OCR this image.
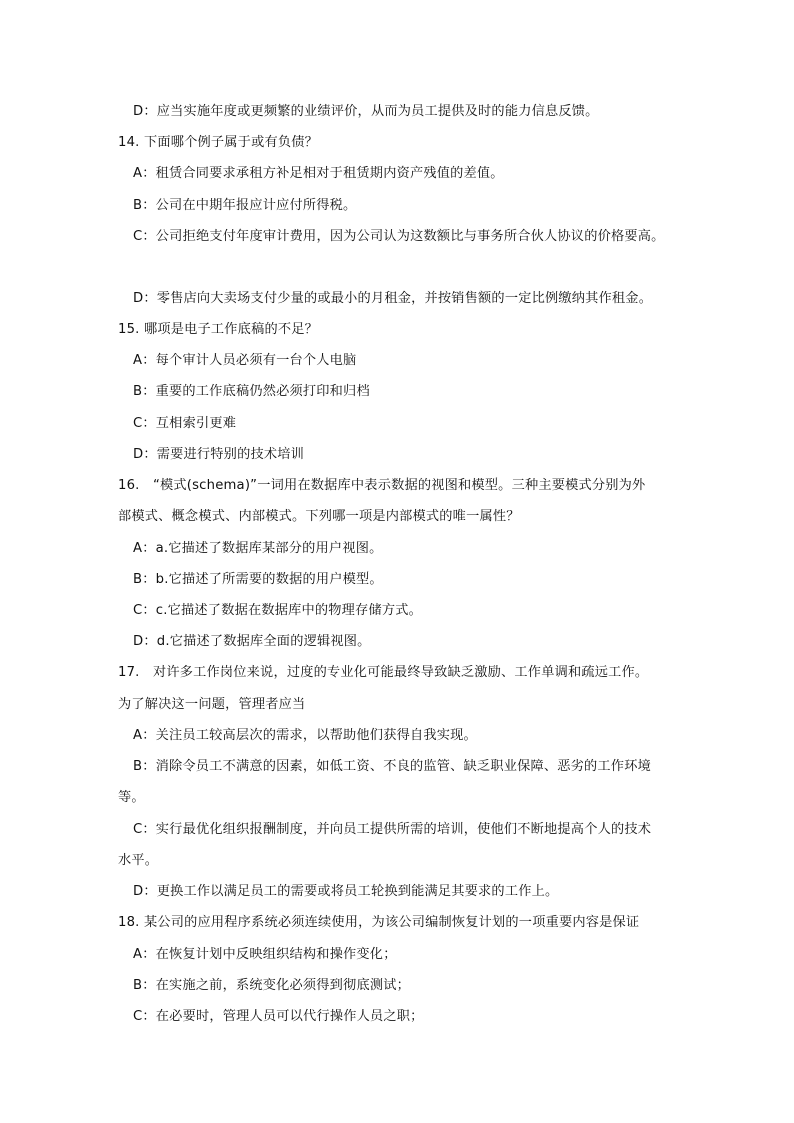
D：应当实施年度或更频繁的业绩评价，从而为员工提供及时的能力信息反馈。
14. 下面哪个例子属于或有负债？
A：租赁合同要求承租方补足相对于租赁期内资产残值的差值。
B：公司在中期年报应计应付所得税。
C：公司拒绝支付年度审计费用，因为公司认为这数额比与事务所合伙人协议的价格要高。
D：零售店向大卖场支付少量的或最小的月租金，并按销售额的一定比例缴纳其作租金。
15. 哪项是电子工作底稿的不足？
A：每个审计人员必须有一台个人电脑
B：重要的工作底稿仍然必须打印和归档
C：互相索引更难
D：需要进行特别的技术培训
16.　“模式(schema)”一词用在数据库中表示数据的视图和模型。三种主要模式分别为外
部模式、概念模式、内部模式。下列哪一项是内部模式的唯一属性？
A：a.它描述了数据库某部分的用户视图。
B：b.它描述了所需要的数据的用户模型。
C：c.它描述了数据在数据库中的物理存储方式。
D：d.它描述了数据库全面的逻辑视图。
17.　对许多工作岗位来说，过度的专业化可能最终导致缺乏激励、工作单调和疏远工作。
为了解决这一问题，管理者应当
A：关注员工较高层次的需求，以帮助他们获得自我实现。
B：消除令员工不满意的因素，如低工资、不良的监管、缺乏职业保障、恶劣的工作环境
等。
C：实行最优化组织报酬制度，并向员工提供所需的培训，使他们不断地提高个人的技术
水平。
D：更换工作以满足员工的需要或将员工轮换到能满足其要求的工作上。
18. 某公司的应用程序系统必须连续使用，为该公司编制恢复计划的一项重要内容是保证
A：在恢复计划中反映组织结构和操作变化；
B：在实施之前，系统变化必须得到彻底测试；
C：在必要时，管理人员可以代行操作人员之职；
